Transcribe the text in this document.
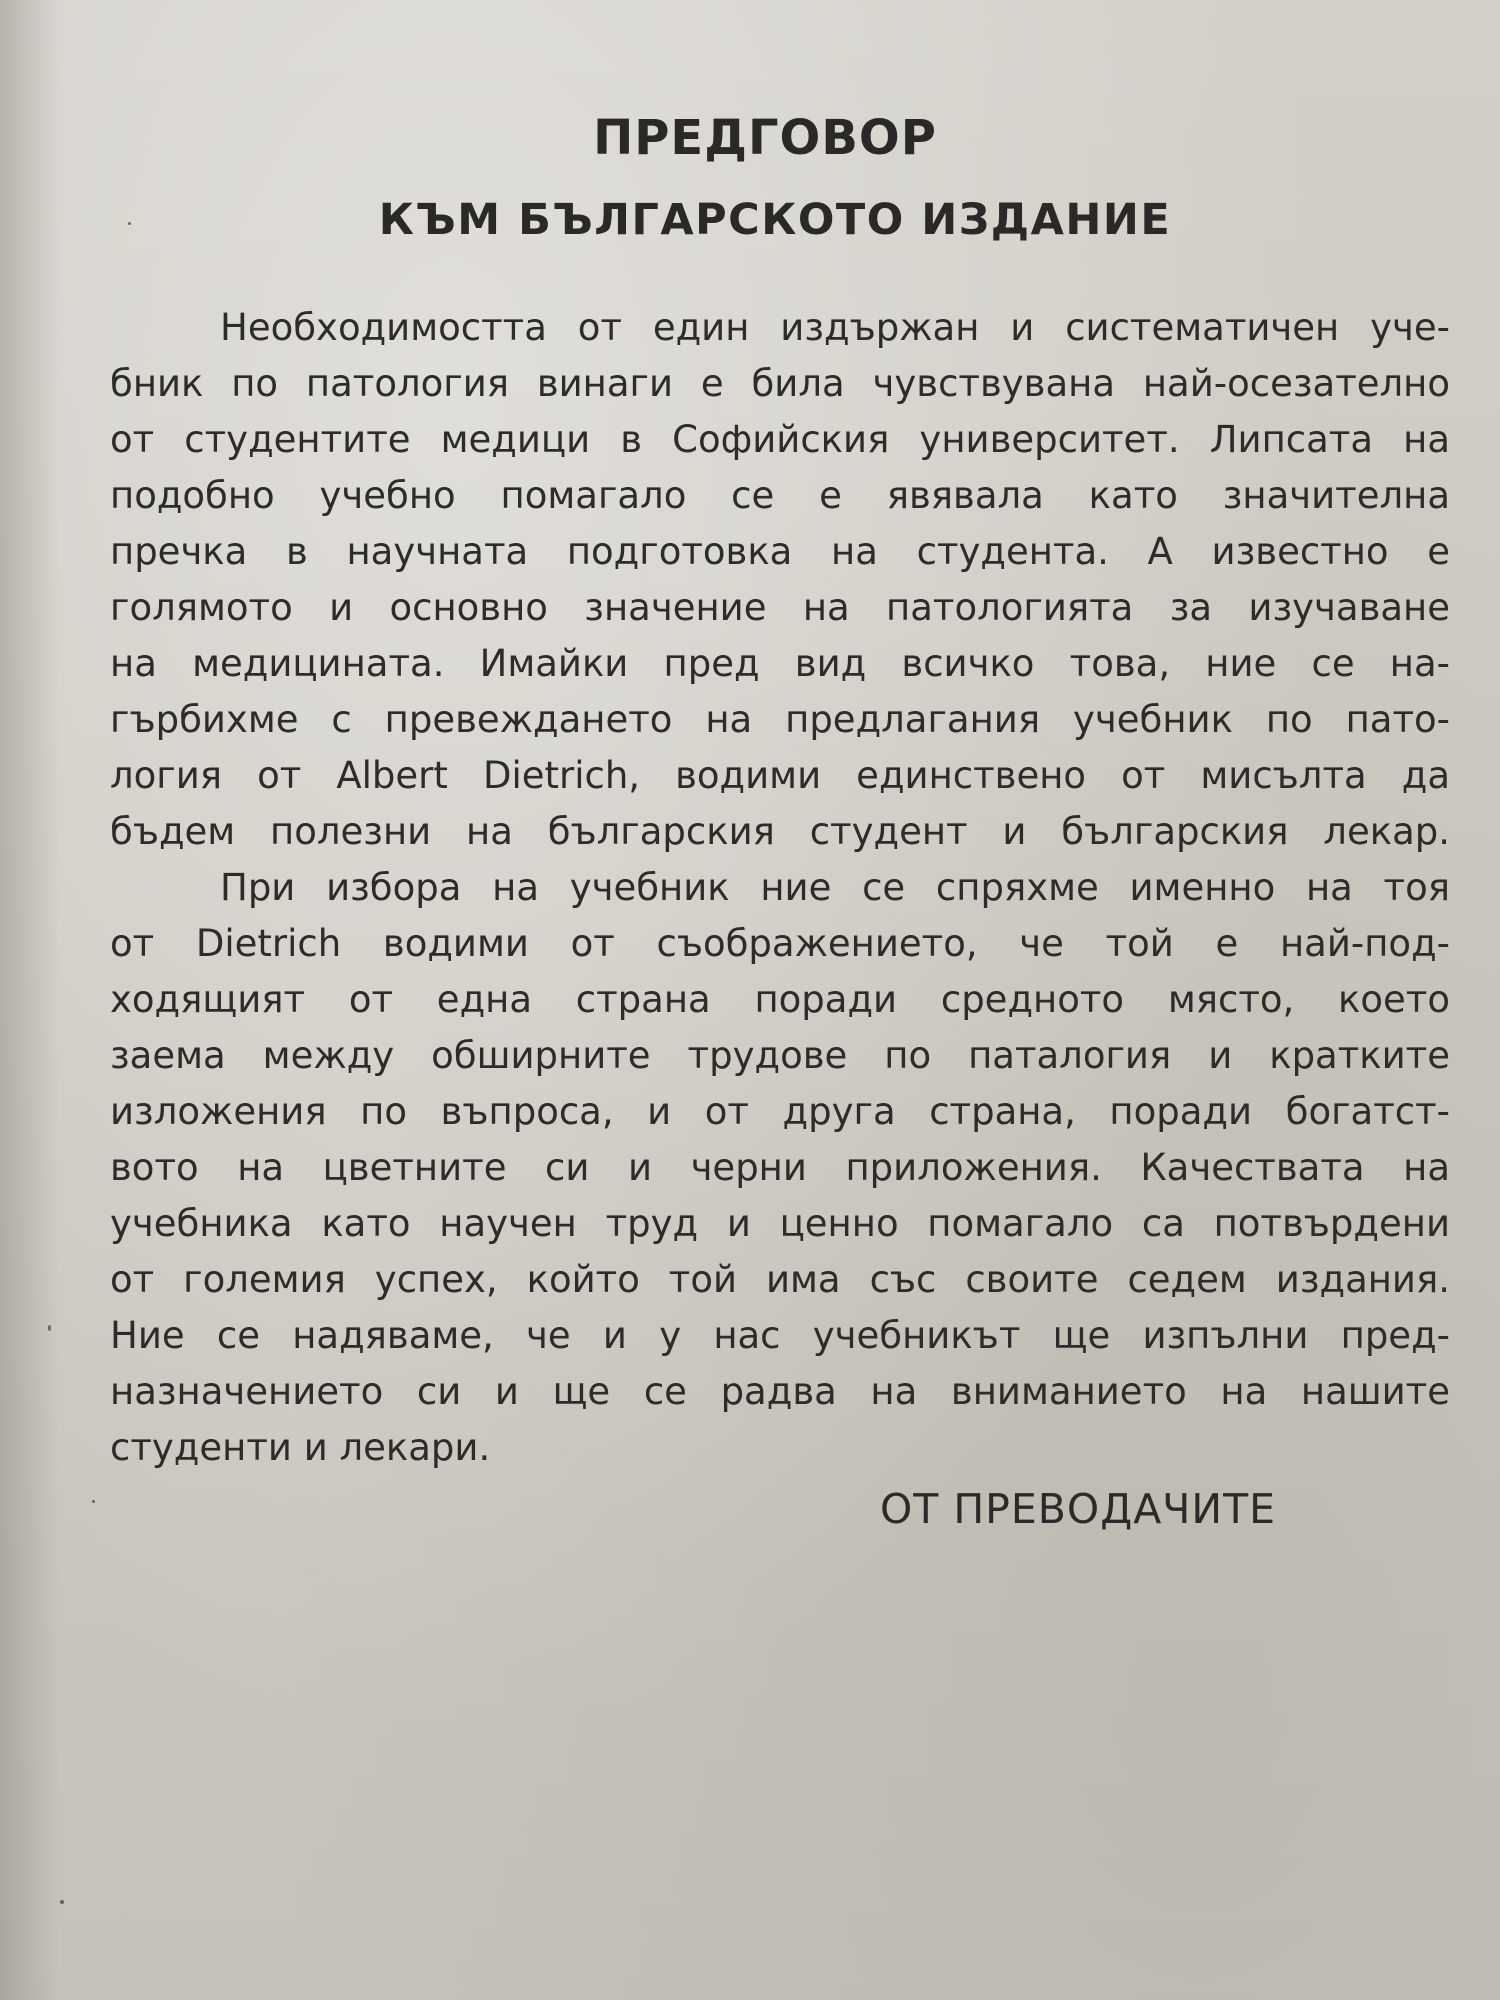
ПРЕДГОВОР
КЪМ БЪЛГАРСКОТО ИЗДАНИЕ
Необходимостта от един издържан и систематичен уче-
бник по патология винаги е била чувствувана най-осезателно
от студентите медици в Софийския университет. Липсата на
подобно учебно помагало се е явявала като значителна
пречка в научната подготовка на студента. А известно е
голямото и основно значение на патологията за изучаване
на медицината. Имайки пред вид всичко това, ние се на-
гърбихме с превеждането на предлагания учебник по пато-
логия от Albert Dietrich, водими единствено от мисълта да
бъдем полезни на българския студент и българския лекар.
При избора на учебник ние се спряхме именно на тоя
от Dietrich водими от съображението, че той е най-под-
ходящият от една страна поради средното място, което
заема между обширните трудове по паталогия и кратките
изложения по въпроса, и от друга страна, поради богатст-
вото на цветните си и черни приложения. Качествата на
учебника като научен труд и ценно помагало са потвърдени
от големия успех, който той има със своите седем издания.
Ние се надяваме, че и у нас учебникът ще изпълни пред-
назначението си и ще се радва на вниманието на нашите
студенти и лекари.
ОТ ПРЕВОДАЧИТЕ
